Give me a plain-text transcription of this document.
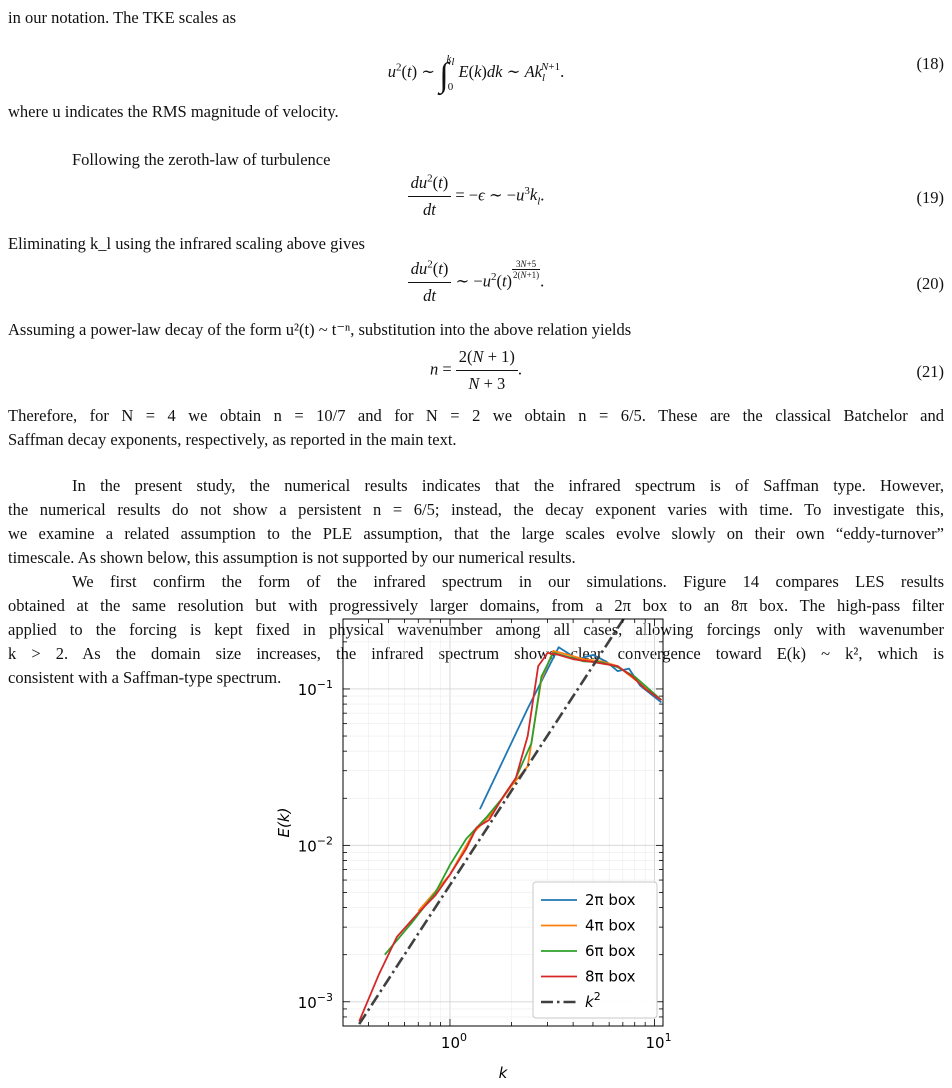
in our notation. The TKE scales as
$u^2(t)$ ∼ ∫
$k_l$

0
E(k)dk ∼ $Ak_l^{N+1}$.	(18)
where u indicates the RMS magnitude of velocity.
Following the zeroth-law of turbulence
$\frac{du^2(t)}{dt} = -\epsilon$ ∼ $-u^3k_l$.	(19)
Eliminating k_l using the infrared scaling above gives
$\frac{du^2(t)}{dt}$ ∼ $-u^2(t)$
$\frac{3N+5}{2(N+1)}$
.	(20)
Assuming a power-law decay of the form u²(t) ~ t⁻ⁿ, substitution into the above relation yields
$n = \frac{2(N + 1)}{N + 3}$ .	(21)
Therefore, for N = 4 we obtain n = 10/7 and for N = 2 we obtain n = 6/5. These are the classical Batchelor and
Saffman decay exponents, respectively, as reported in the main text.
In the present study, the numerical results indicates that the infrared spectrum is of Saffman type. However,
the numerical results do not show a persistent n = 6/5; instead, the decay exponent varies with time. To investigate this,
we examine a related assumption to the PLE assumption, that the large scales evolve slowly on their own “eddy-turnover”
timescale. As shown below, this assumption is not supported by our numerical results.
We first confirm the form of the infrared spectrum in our simulations. Figure 14 compares LES results
obtained at the same resolution but with progressively larger domains, from a 2π box to an 8π box. The high-pass filter
applied to the forcing is kept fixed in physical wavenumber among all cases, allowing forcings only with wavenumber
k > 2. As the domain size increases, the infrared spectrum shows clear convergence toward E(k) ~ k², which is
consistent with a Saffman-type spectrum.
$10^0$	$10^1$
$10^{-3}$
$10^{-2}$
$10^{-1}$
k
E(k)
2π box
4π box
6π box
8π box
$k^2$
